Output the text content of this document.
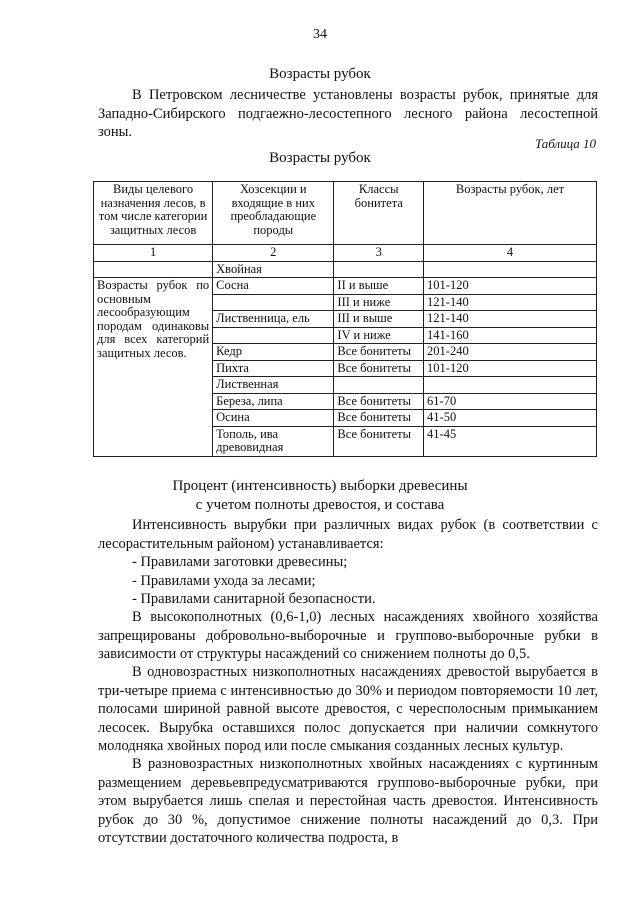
34
Возрасты рубок
В Петровском лесничестве установлены возрасты рубок, принятые для Западно-Сибирского подгаежно-лесостепного лесного района лесостепной зоны.
Таблица 10
Возрасты рубок
Виды целевого назначения лесов, в том числе категории защитных лесов	Хозсекции и входящие в них преобладающие породы	Классы бонитета	Возрасты рубок, лет
1	2	3	4
	Хвойная		
Возрасты рубок по основным лесообразующим породам одинаковы для всех категорий защитных лесов.	Сосна	II и выше	101-120
		III и ниже	121-140
	Лиственница, ель	III и выше	121-140
		IV и ниже	141-160
	Кедр	Все бонитеты	201-240
	Пихта	Все бонитеты	101-120
	Лиственная		
	Береза, липа	Все бонитеты	61-70
	Осина	Все бонитеты	41-50
	Тополь, ива древовидная	Все бонитеты	41-45
Процент (интенсивность) выборки древесины
с учетом полноты древостоя, и состава
Интенсивность вырубки при различных видах рубок (в соответствии с лесорастительным районом) устанавливается:
- Правилами заготовки древесины;
- Правилами ухода за лесами;
- Правилами санитарной безопасности.
В высокополнотных (0,6-1,0) лесных насаждениях хвойного хозяйства запрещированы добровольно-выборочные и группово-выборочные рубки в зависимости от структуры насаждений со снижением полноты до 0,5.
В одновозрастных низкополнотных насаждениях древостой вырубается в три-четыре приема с интенсивностью до 30% и периодом повторяемости 10 лет, полосами шириной равной высоте древостоя, с чересполосным примыканием лесосек. Вырубка оставшихся полос допускается при наличии сомкнутого молодняка хвойных пород или после смыкания созданных лесных культур.
В разновозрастных низкополнотных хвойных насаждениях с куртинным размещением деревьевпредусматриваются группово-выборочные рубки, при этом вырубается лишь спелая и перестойная часть древостоя. Интенсивность рубок до 30 %, допустимое снижение полноты насаждений до 0,3. При отсутствии достаточного количества подроста, в
